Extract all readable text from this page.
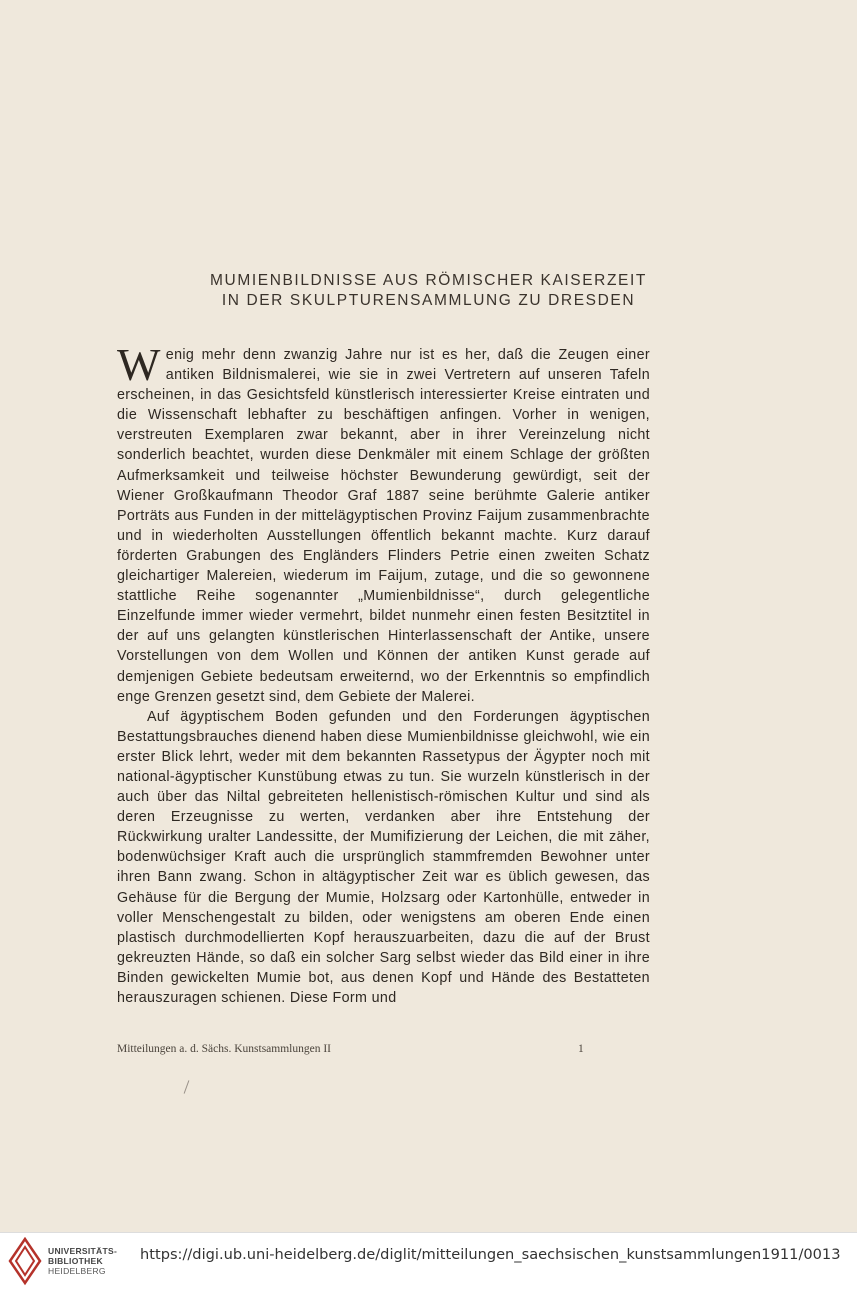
MUMIENBILDNISSE AUS RÖMISCHER KAISERZEIT
IN DER SKULPTURENSAMMLUNG ZU DRESDEN

Wenig mehr denn zwanzig Jahre nur ist es her, daß die Zeugen einer antiken Bildnismalerei, wie sie in zwei Vertretern auf unseren Tafeln erscheinen, in das Gesichtsfeld künstlerisch interessierter Kreise eintraten und die Wissenschaft lebhafter zu beschäftigen anfingen. Vorher in wenigen, verstreuten Exemplaren zwar bekannt, aber in ihrer Vereinzelung nicht sonderlich beachtet, wurden diese Denkmäler mit einem Schlage der größten Aufmerksamkeit und teilweise höchster Bewunderung gewürdigt, seit der Wiener Großkaufmann Theodor Graf 1887 seine berühmte Galerie antiker Porträts aus Funden in der mittelägyptischen Provinz Faijum zusammenbrachte und in wiederholten Ausstellungen öffentlich bekannt machte. Kurz darauf förderten Grabungen des Engländers Flinders Petrie einen zweiten Schatz gleichartiger Malereien, wiederum im Faijum, zutage, und die so gewonnene stattliche Reihe sogenannter „Mumienbildnisse“, durch gelegentliche Einzelfunde immer wieder vermehrt, bildet nunmehr einen festen Besitztitel in der auf uns gelangten künstlerischen Hinterlassenschaft der Antike, unsere Vorstellungen von dem Wollen und Können der antiken Kunst gerade auf demjenigen Gebiete bedeutsam erweiternd, wo der Erkenntnis so empfindlich enge Grenzen gesetzt sind, dem Gebiete der Malerei.

Auf ägyptischem Boden gefunden und den Forderungen ägyptischen Bestattungsbrauches dienend haben diese Mumienbildnisse gleichwohl, wie ein erster Blick lehrt, weder mit dem bekannten Rassetypus der Ägypter noch mit national-ägyptischer Kunstübung etwas zu tun. Sie wurzeln künstlerisch in der auch über das Niltal gebreiteten hellenistisch-römischen Kultur und sind als deren Erzeugnisse zu werten, verdanken aber ihre Entstehung der Rückwirkung uralter Landessitte, der Mumifizierung der Leichen, die mit zäher, bodenwüchsiger Kraft auch die ursprünglich stammfremden Bewohner unter ihren Bann zwang. Schon in altägyptischer Zeit war es üblich gewesen, das Gehäuse für die Bergung der Mumie, Holzsarg oder Kartonhülle, entweder in voller Menschengestalt zu bilden, oder wenigstens am oberen Ende einen plastisch durchmodellierten Kopf herauszuarbeiten, dazu die auf der Brust gekreuzten Hände, so daß ein solcher Sarg selbst wieder das Bild einer in ihre Binden gewickelten Mumie bot, aus denen Kopf und Hände des Bestatteten herauszuragen schienen. Diese Form und

Mitteilungen a. d. Sächs. Kunstsammlungen II	1
UNIVERSITÄTS-
BIBLIOTHEK
HEIDELBERG
https://digi.ub.uni-heidelberg.de/diglit/mitteilungen_saechsischen_kunstsammlungen1911/0013
